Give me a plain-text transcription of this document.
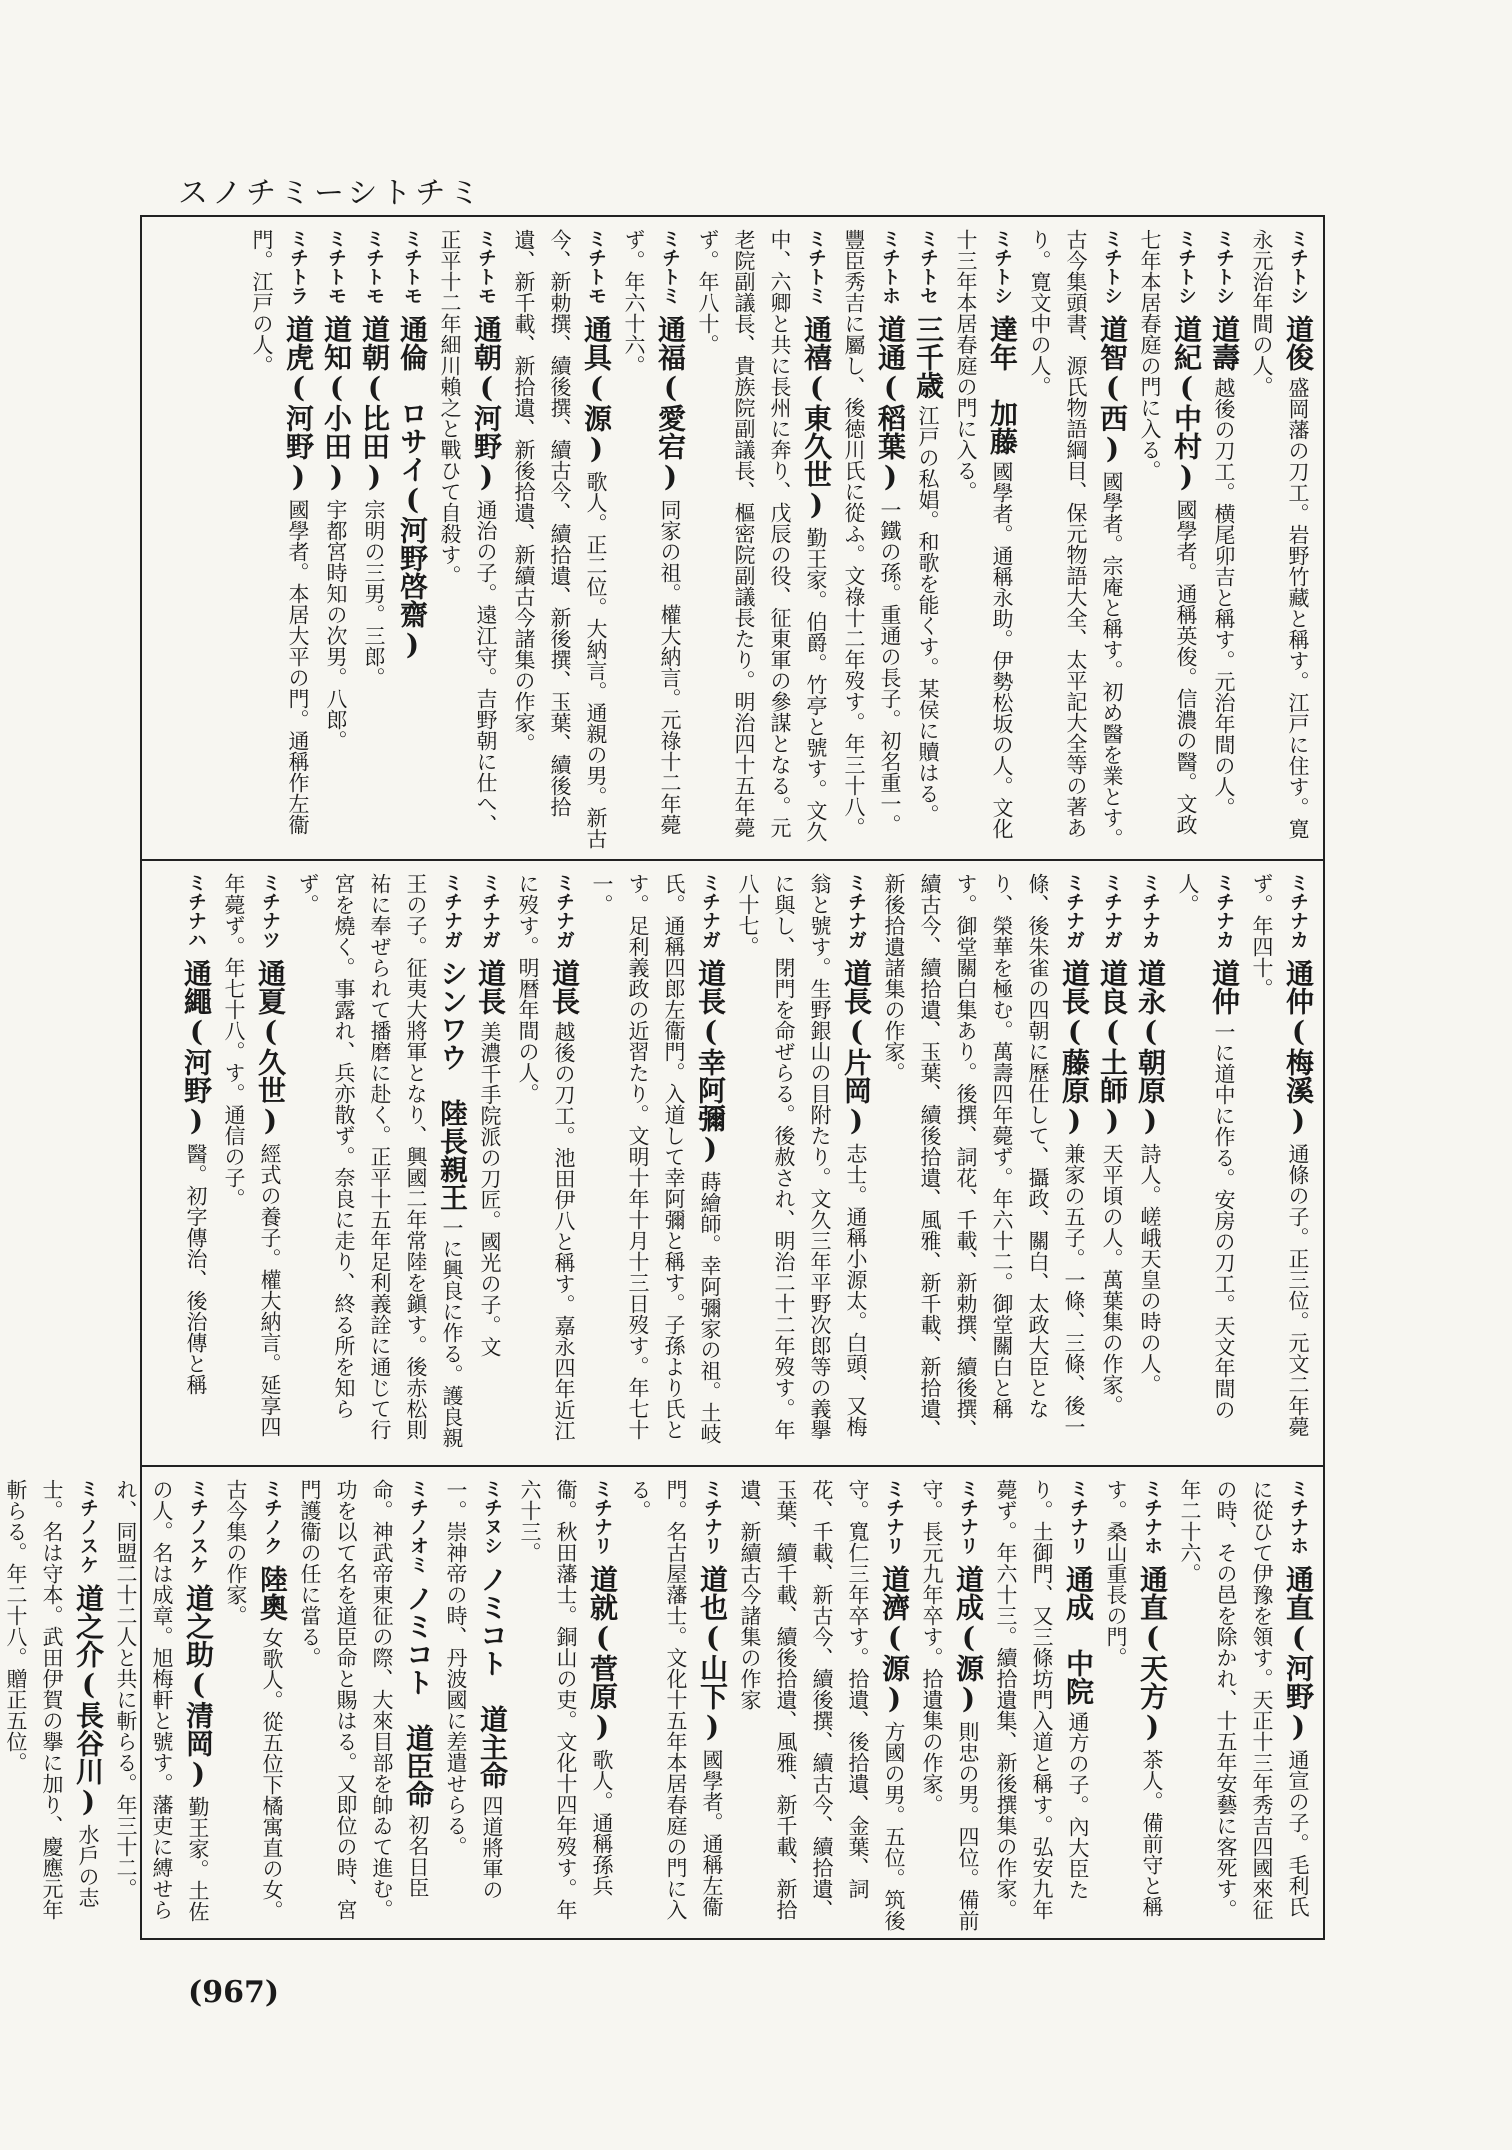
スノチミーシトチミ
ミチトシ道俊盛岡藩の刀工。岩野竹藏と稱す。江戸に住す。寛永元治年間の人。
ミチトシ道壽越後の刀工。横尾卯吉と稱す。元治年間の人。
ミチトシ道紀(中村)國學者。通稱英俊。信濃の醫。文政七年本居春庭の門に入る。
ミチトシ道智(西)國學者。宗庵と稱す。初め醫を業とす。古今集頭書、源氏物語綱目、保元物語大全、太平記大全等の著あり。寛文中の人。
ミチトシ達年　加藤國學者。通稱永助。伊勢松坂の人。文化十三年本居春庭の門に入る。
ミチトセ三千歳江戸の私娼。和歌を能くす。某侯に贖はる。
ミチトホ道通(稻葉)一鐵の孫。重通の長子。初名重一。豐臣秀吉に屬し、後徳川氏に從ふ。文祿十二年歿す。年三十八。
ミチトミ通禧(東久世)勤王家。伯爵。竹亭と號す。文久中、六卿と共に長州に奔り、戊辰の役、征東軍の參謀となる。元老院副議長、貴族院副議長、樞密院副議長たり。明治四十五年薨ず。年八十。
ミチトミ通福(愛宕)同家の祖。權大納言。元祿十二年薨ず。年六十六。
ミチトモ通具(源)歌人。正二位。大納言。通親の男。新古今、新勅撰、續後撰、續古今、續拾遺、新後撰、玉葉、續後拾遺、新千載、新拾遺、新後拾遺、新續古今諸集の作家。
ミチトモ通朝(河野)通治の子。遠江守。吉野朝に仕へ、正平十二年細川賴之と戰ひて自殺す。
ミチトモ通倫　ロサイ(河野啓齋)
ミチトモ道朝(比田)宗明の三男。三郎。
ミチトモ道知(小田)宇都宮時知の次男。八郎。
ミチトラ道虎(河野)國學者。本居大平の門。通稱作左衞門。江戸の人。
ミチナカ通仲(梅溪)通條の子。正三位。元文二年薨ず。年四十。
ミチナカ道仲一に道中に作る。安房の刀工。天文年間の人。
ミチナカ道永(朝原)詩人。嵯峨天皇の時の人。
ミチナガ道良(土師)天平頃の人。萬葉集の作家。
ミチナガ道長(藤原)兼家の五子。一條、三條、後一條、後朱雀の四朝に歷仕して、攝政、關白、太政大臣となり、榮華を極む。萬壽四年薨ず。年六十二。御堂關白と稱す。御堂關白集あり。後撰、詞花、千載、新勅撰、續後撰、續古今、續拾遺、玉葉、續後拾遺、風雅、新千載、新拾遺、新後拾遺諸集の作家。
ミチナガ道長(片岡)志士。通稱小源太。白頭、又梅翁と號す。生野銀山の目附たり。文久三年平野次郎等の義擧に與し、閉門を命ぜらる。後赦され、明治二十二年歿す。年八十七。
ミチナガ道長(幸阿彌)蒔繪師。幸阿彌家の祖。土岐氏。通稱四郎左衞門。入道して幸阿彌と稱す。子孫より氏とす。足利義政の近習たり。文明十年十月十三日歿す。年七十一。
ミチナガ道長越後の刀工。池田伊八と稱す。嘉永四年近江に歿す。明暦年間の人。
ミチナガ道長美濃千手院派の刀匠。國光の子。文
ミチナガシンワウ　陸長親王一に興良に作る。護良親王の子。征夷大將軍となり、興國二年常陸を鎭す。後赤松則祐に奉ぜられて播磨に赴く。正平十五年足利義詮に通じて行宮を燒く。事露れ、兵亦散ず。奈良に走り、終る所を知らず。
ミチナツ通夏(久世)經式の養子。權大納言。延享四年薨ず。年七十八。す。通信の子。
ミチナハ通繩(河野)醫。初字傳治、後治傳と稱
ミチナホ通直(河野)通宣の子。毛利氏に從ひて伊豫を領す。天正十三年秀吉四國來征の時、その邑を除かれ、十五年安藝に客死す。年二十六。
ミチナホ通直(天方)茶人。備前守と稱す。桑山重長の門。
ミチナリ通成　中院通方の子。內大臣たり。土御門、又三條坊門入道と稱す。弘安九年薨ず。年六十三。續拾遺集、新後撰集の作家。
ミチナリ道成(源)則忠の男。四位。備前守。長元九年卒す。拾遺集の作家。
ミチナリ道濟(源)方國の男。五位。筑後守。寬仁三年卒す。拾遺、後拾遺、金葉、詞花、千載、新古今、續後撰、續古今、續拾遺、玉葉、續千載、續後拾遺、風雅、新千載、新拾遺、新續古今諸集の作家
ミチナリ道也(山下)國學者。通稱左衞門。名古屋藩士。文化十五年本居春庭の門に入る。
ミチナリ道就(菅原)歌人。通稱孫兵衞。秋田藩士。銅山の吏。文化十四年歿す。年六十三。
ミチヌシノミコト　道主命四道將軍の一。崇神帝の時、丹波國に差遣せらる。
ミチノオミノミコト　道臣命初名日臣命。神武帝東征の際、大來目部を帥ゐて進む。功を以て名を道臣命と賜はる。又即位の時、宮門護衞の任に當る。
ミチノク陸奧女歌人。從五位下橘寓直の女。古今集の作家。
ミチノスケ道之助(清岡)勤王家。土佐の人。名は成章。旭梅軒と號す。藩吏に縛せられ、同盟二十二人と共に斬らる。年三十二。
ミチノスケ道之介(長谷川)水戶の志士。名は守本。武田伊賀の擧に加り、慶應元年斬らる。年二十八。贈正五位。
(967)
